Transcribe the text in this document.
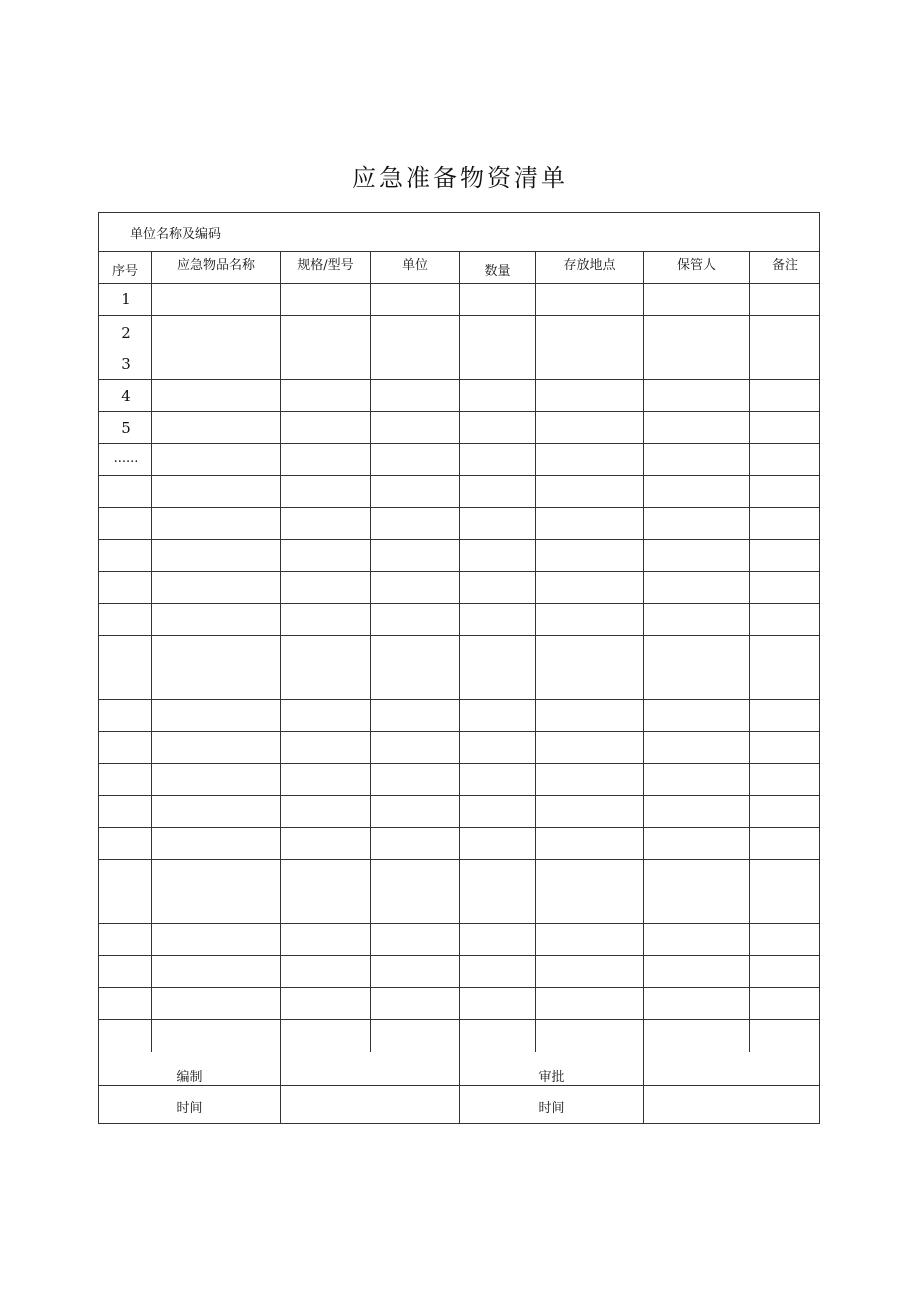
应急准备物资清单
单位名称及编码
序号	应急物品名称	规格/型号	单位	数量	存放地点	保管人	备注
1
2
3
4
5
......
编制	审批
时间	时间
